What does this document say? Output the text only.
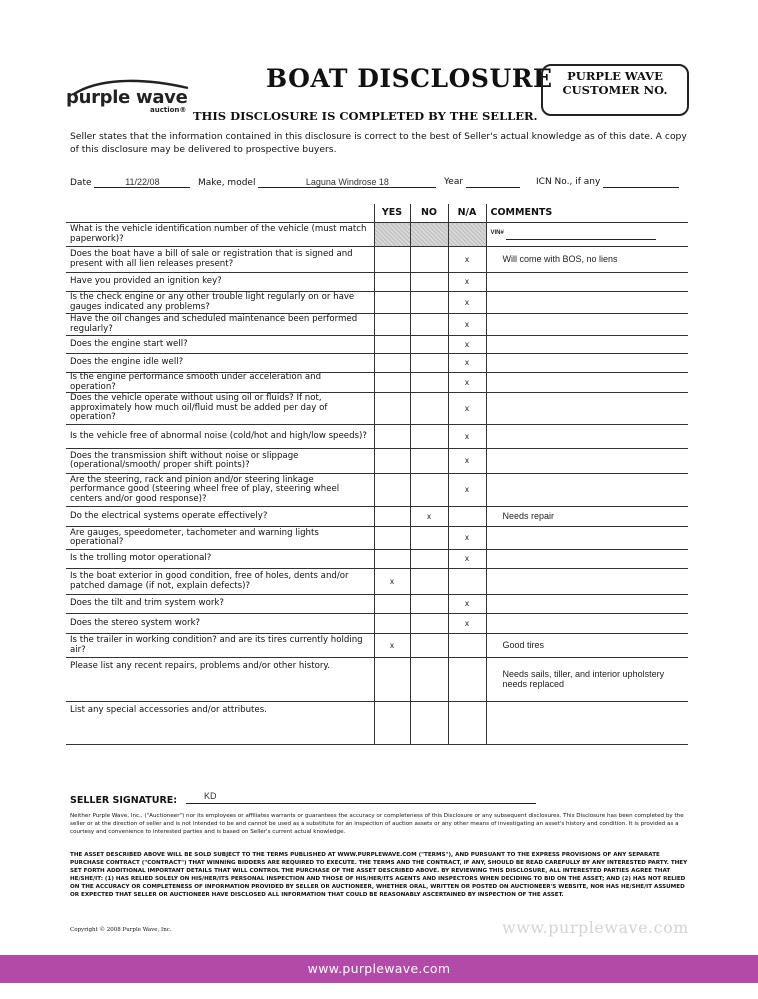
purple wave
auction®
BOAT DISCLOSURE	PURPLE WAVE
CUSTOMER NO.
THIS DISCLOSURE IS COMPLETED BY THE SELLER.
Seller states that the information contained in this disclosure is correct to the best of Seller's actual knowledge as of this date. A copy of this disclosure may be delivered to prospective buyers.
Date	11/22/08	Make, model	Laguna Windrose 18	Year	ICN No., if any
	YES	NO	N/A	COMMENTS
What is the vehicle identification number of the vehicle (must match paperwork)?				VIN#
Does the boat have a bill of sale or registration that is signed and present with all lien releases present?			x	Will come with BOS, no liens
Have you provided an ignition key?			x	
Is the check engine or any other trouble light regularly on or have gauges indicated any problems?			x	
Have the oil changes and scheduled maintenance been performed regularly?			x	
Does the engine start well?			x	
Does the engine idle well?			x	
Is the engine performance smooth under acceleration and operation?			x	
Does the vehicle operate without using oil or fluids? If not, approximately how much oil/fluid must be added per day of operation?			x	
Is the vehicle free of abnormal noise (cold/hot and high/low speeds)?			x	
Does the transmission shift without noise or slippage (operational/smooth/ proper shift points)?			x	
Are the steering, rack and pinion and/or steering linkage performance good (steering wheel free of play, steering wheel centers and/or good response)?			x	
Do the electrical systems operate effectively?		x		Needs repair
Are gauges, speedometer, tachometer and warning lights operational?			x	
Is the trolling motor operational?			x	
Is the boat exterior in good condition, free of holes, dents and/or patched damage (if not, explain defects)?	x			
Does the tilt and trim system work?			x	
Does the stereo system work?			x	
Is the trailer in working condition? and are its tires currently holding air?	x			Good tires
Please list any recent repairs, problems and/or other history.				Needs sails, tiller, and interior upholstery needs replaced
List any special accessories and/or attributes.				
SELLER SIGNATURE:	KD
Neither Purple Wave, Inc., ("Auctioneer") nor its employees or affiliates warrants or guarantees the accuracy or completeness of this Disclosure or any subsequent disclosures. This Disclosure has been completed by the seller or at the direction of seller and is not intended to be and cannot be used as a substitute for an inspection of auction assets or any other means of investigating an asset's history and condition. It is provided as a courtesy and convenience to interested parties and is based on Seller's current actual knowledge.
THE ASSET DESCRIBED ABOVE WILL BE SOLD SUBJECT TO THE TERMS PUBLISHED AT WWW.PURPLEWAVE.COM ("TERMS"), AND PURSUANT TO THE EXPRESS PROVISIONS OF ANY SEPARATE PURCHASE CONTRACT ("CONTRACT") THAT WINNING BIDDERS ARE REQUIRED TO EXECUTE. THE TERMS AND THE CONTRACT, IF ANY, SHOULD BE READ CAREFULLY BY ANY INTERESTED PARTY. THEY SET FORTH ADDITIONAL IMPORTANT DETAILS THAT WILL CONTROL THE PURCHASE OF THE ASSET DESCRIBED ABOVE. BY REVIEWING THIS DISCLOSURE, ALL INTERESTED PARTIES AGREE THAT HE/SHE/IT: (1) HAS RELIED SOLELY ON HIS/HER/ITS PERSONAL INSPECTION AND THOSE OF HIS/HER/ITS AGENTS AND INSPECTORS WHEN DECIDING TO BID ON THE ASSET; AND (2) HAS NOT RELIED ON THE ACCURACY OR COMPLETENESS OF INFORMATION PROVIDED BY SELLER OR AUCTIONEER, WHETHER ORAL, WRITTEN OR POSTED ON AUCTIONEER'S WEBSITE, NOR HAS HE/SHE/IT ASSUMED OR EXPECTED THAT SELLER OR AUCTIONEER HAVE DISCLOSED ALL INFORMATION THAT COULD BE REASONABLY ASCERTAINED BY INSPECTION OF THE ASSET.
Copyright © 2008 Purple Wave, Inc.	www.purplewave.com
www.purplewave.com
